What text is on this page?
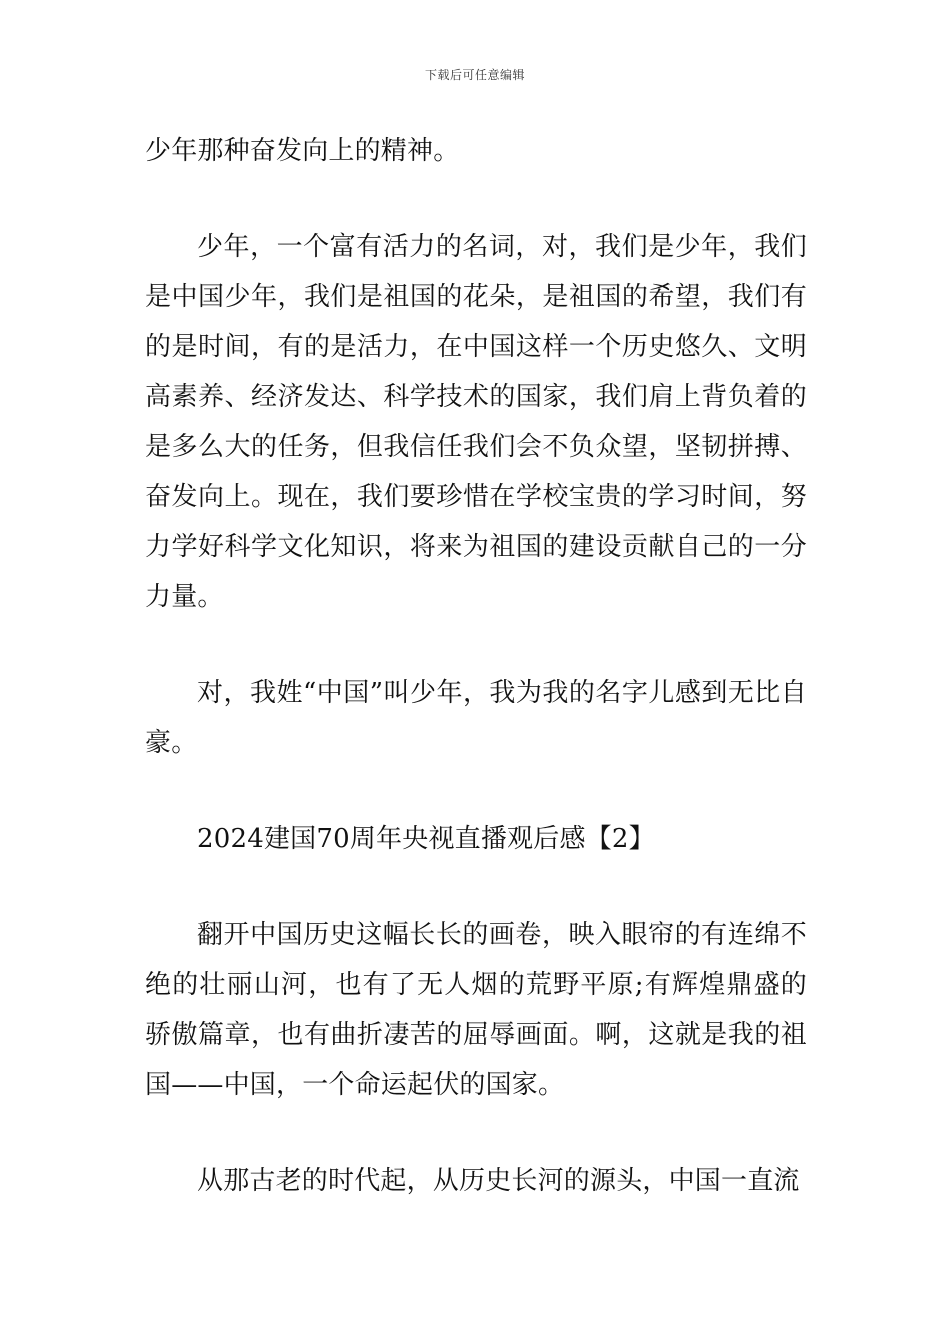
下载后可任意编辑

少年那种奋发向上的精神。

少年，一个富有活力的名词，对，我们是少年，我们是中国少年，我们是祖国的花朵，是祖国的希望，我们有的是时间，有的是活力，在中国这样一个历史悠久、文明高素养、经济发达、科学技术的国家，我们肩上背负着的是多么大的任务，但我信任我们会不负众望，坚韧拼搏、奋发向上。现在，我们要珍惜在学校宝贵的学习时间，努力学好科学文化知识，将来为祖国的建设贡献自己的一分力量。

对，我姓“中国”叫少年，我为我的名字儿感到无比自豪。

2024建国70周年央视直播观后感【2】

翻开中国历史这幅长长的画卷，映入眼帘的有连绵不绝的壮丽山河，也有了无人烟的荒野平原;有辉煌鼎盛的骄傲篇章，也有曲折凄苦的屈辱画面。啊，这就是我的祖国——中国，一个命运起伏的国家。

从那古老的时代起，从历史长河的源头，中国一直流
